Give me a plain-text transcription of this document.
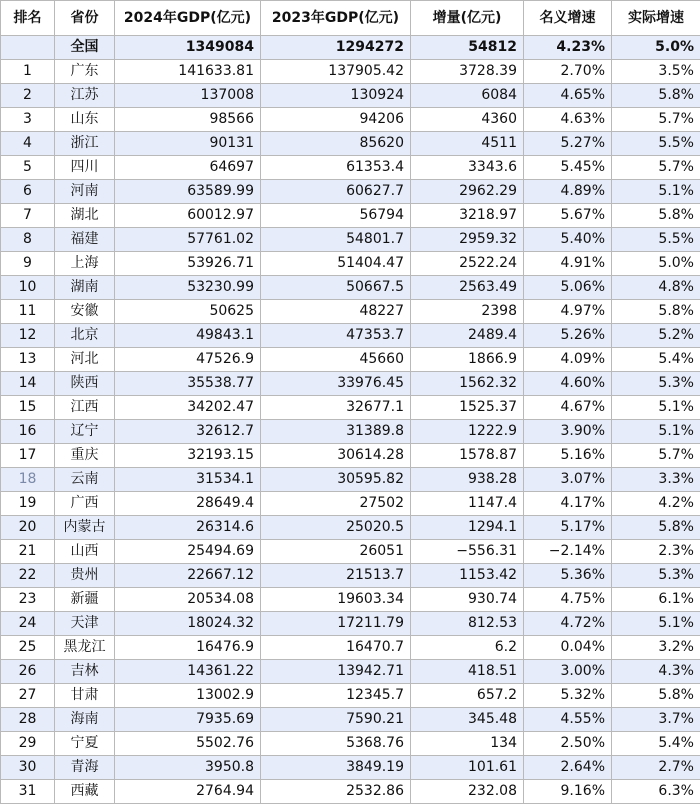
排名	省份	2024年GDP(亿元)	2023年GDP(亿元)	增量(亿元)	名义增速	实际增速
	全国	1349084	1294272	54812	4.23%	5.0%
1	广东	141633.81	137905.42	3728.39	2.70%	3.5%
2	江苏	137008	130924	6084	4.65%	5.8%
3	山东	98566	94206	4360	4.63%	5.7%
4	浙江	90131	85620	4511	5.27%	5.5%
5	四川	64697	61353.4	3343.6	5.45%	5.7%
6	河南	63589.99	60627.7	2962.29	4.89%	5.1%
7	湖北	60012.97	56794	3218.97	5.67%	5.8%
8	福建	57761.02	54801.7	2959.32	5.40%	5.5%
9	上海	53926.71	51404.47	2522.24	4.91%	5.0%
10	湖南	53230.99	50667.5	2563.49	5.06%	4.8%
11	安徽	50625	48227	2398	4.97%	5.8%
12	北京	49843.1	47353.7	2489.4	5.26%	5.2%
13	河北	47526.9	45660	1866.9	4.09%	5.4%
14	陕西	35538.77	33976.45	1562.32	4.60%	5.3%
15	江西	34202.47	32677.1	1525.37	4.67%	5.1%
16	辽宁	32612.7	31389.8	1222.9	3.90%	5.1%
17	重庆	32193.15	30614.28	1578.87	5.16%	5.7%
18	云南	31534.1	30595.82	938.28	3.07%	3.3%
19	广西	28649.4	27502	1147.4	4.17%	4.2%
20	内蒙古	26314.6	25020.5	1294.1	5.17%	5.8%
21	山西	25494.69	26051	−556.31	−2.14%	2.3%
22	贵州	22667.12	21513.7	1153.42	5.36%	5.3%
23	新疆	20534.08	19603.34	930.74	4.75%	6.1%
24	天津	18024.32	17211.79	812.53	4.72%	5.1%
25	黑龙江	16476.9	16470.7	6.2	0.04%	3.2%
26	吉林	14361.22	13942.71	418.51	3.00%	4.3%
27	甘肃	13002.9	12345.7	657.2	5.32%	5.8%
28	海南	7935.69	7590.21	345.48	4.55%	3.7%
29	宁夏	5502.76	5368.76	134	2.50%	5.4%
30	青海	3950.8	3849.19	101.61	2.64%	2.7%
31	西藏	2764.94	2532.86	232.08	9.16%	6.3%
